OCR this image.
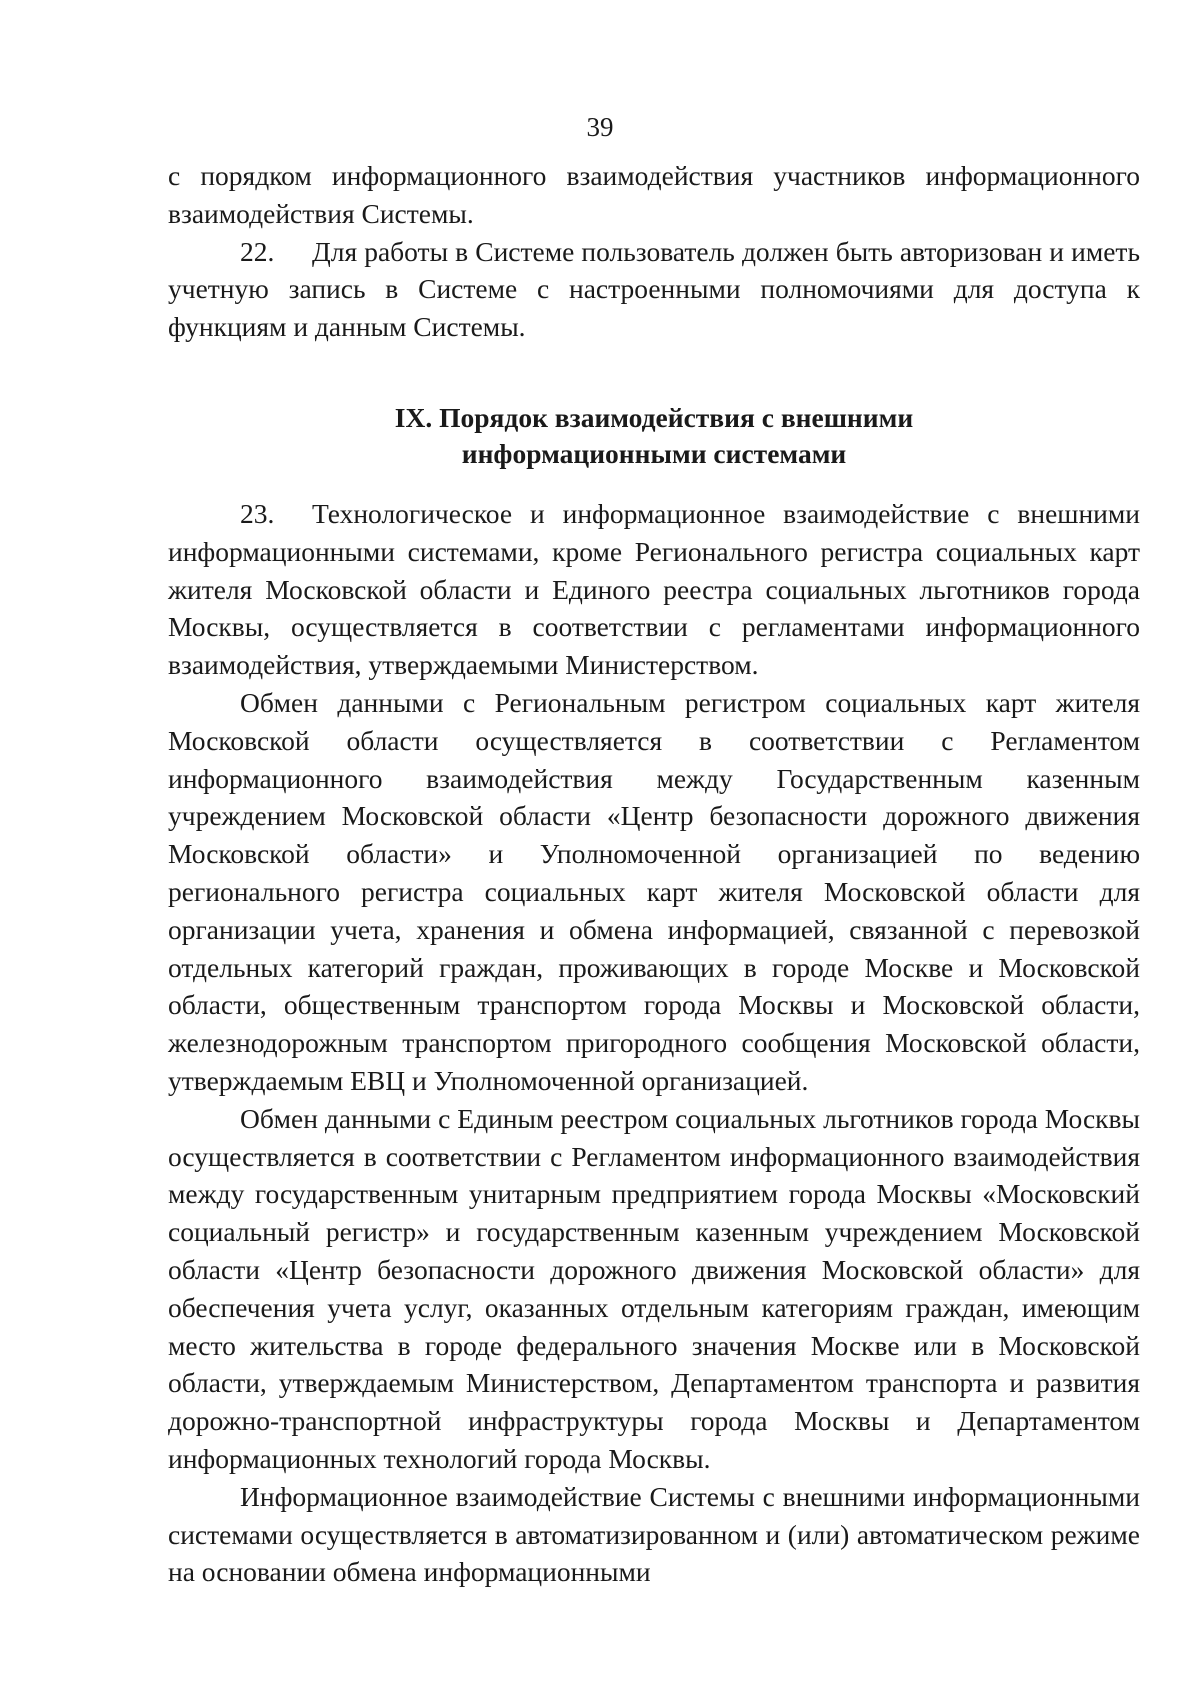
39

с порядком информационного взаимодействия участников информационного взаимодействия Системы.

22. Для работы в Системе пользователь должен быть авторизован и иметь учетную запись в Системе с настроенными полномочиями для доступа к функциям и данным Системы.

IX. Порядок взаимодействия с внешними
информационными системами

23. Технологическое и информационное взаимодействие с внешними информационными системами, кроме Регионального регистра социальных карт жителя Московской области и Единого реестра социальных льготников города Москвы, осуществляется в соответствии с регламентами информационного взаимодействия, утверждаемыми Министерством.

Обмен данными с Региональным регистром социальных карт жителя Московской области осуществляется в соответствии с Регламентом информационного взаимодействия между Государственным казенным учреждением Московской области «Центр безопасности дорожного движения Московской области» и Уполномоченной организацией по ведению регионального регистра социальных карт жителя Московской области для организации учета, хранения и обмена информацией, связанной с перевозкой отдельных категорий граждан, проживающих в городе Москве и Московской области, общественным транспортом города Москвы и Московской области, железнодорожным транспортом пригородного сообщения Московской области, утверждаемым ЕВЦ и Уполномоченной организацией.

Обмен данными с Единым реестром социальных льготников города Москвы осуществляется в соответствии с Регламентом информационного взаимодействия между государственным унитарным предприятием города Москвы «Московский социальный регистр» и государственным казенным учреждением Московской области «Центр безопасности дорожного движения Московской области» для обеспечения учета услуг, оказанных отдельным категориям граждан, имеющим место жительства в городе федерального значения Москве или в Московской области, утверждаемым Министерством, Департаментом транспорта и развития дорожно-транспортной инфраструктуры города Москвы и Департаментом информационных технологий города Москвы.

Информационное взаимодействие Системы с внешними информационными системами осуществляется в автоматизированном и (или) автоматическом режиме на основании обмена информационными
